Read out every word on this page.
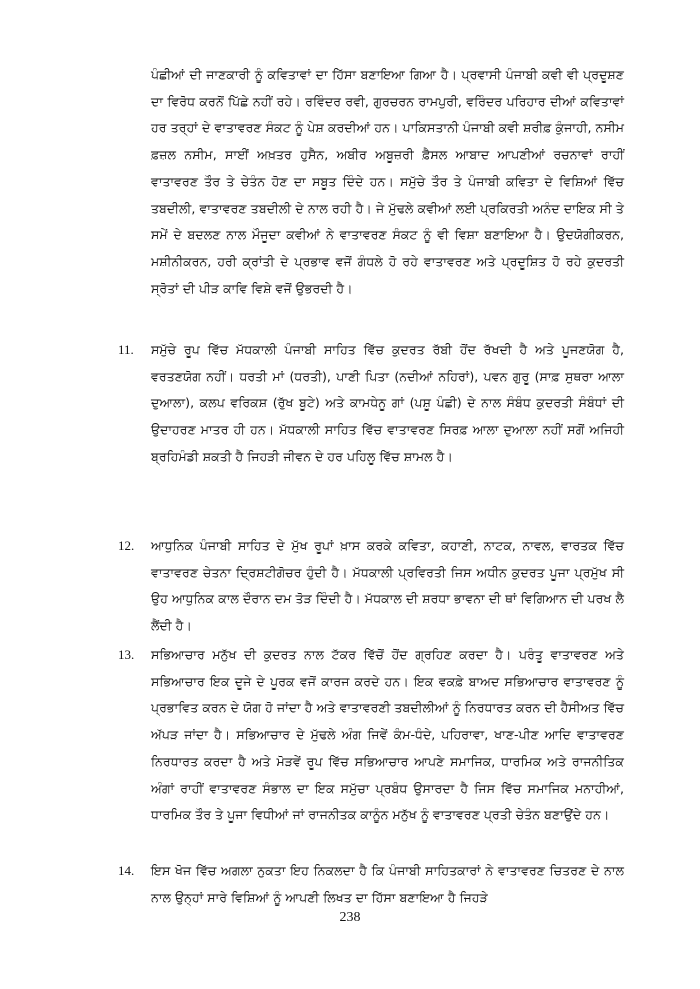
ਪੰਛੀਆਂ ਦੀ ਜਾਣਕਾਰੀ ਨੂੰ ਕਵਿਤਾਵਾਂ ਦਾ ਹਿੱਸਾ ਬਣਾਇਆ ਗਿਆ ਹੈ। ਪ੍ਰਵਾਸੀ ਪੰਜਾਬੀ ਕਵੀ ਵੀ ਪ੍ਰਦੂਸ਼ਣ ਦਾ ਵਿਰੋਧ ਕਰਨੋਂ ਪਿੱਛੇ ਨਹੀਂ ਰਹੇ। ਰਵਿੰਦਰ ਰਵੀ, ਗੁਰਚਰਨ ਰਾਮਪੁਰੀ, ਵਰਿੰਦਰ ਪਰਿਹਾਰ ਦੀਆਂ ਕਵਿਤਾਵਾਂ ਹਰ ਤਰ੍ਹਾਂ ਦੇ ਵਾਤਾਵਰਣ ਸੰਕਟ ਨੂੰ ਪੇਸ਼ ਕਰਦੀਆਂ ਹਨ। ਪਾਕਿਸਤਾਨੀ ਪੰਜਾਬੀ ਕਵੀ ਸ਼ਰੀਫ਼ ਕੁੰਜਾਹੀ, ਨਸੀਮ ਫ਼ਜ਼ਲ ਨਸੀਮ, ਸਾਈਂ ਅਖ਼ਤਰ ਹੁਸੈਨ, ਅਬੀਰ ਅਬੂਜ਼ਰੀ ਫ਼ੈਸਲ ਆਬਾਦ ਆਪਣੀਆਂ ਰਚਨਾਵਾਂ ਰਾਹੀਂ ਵਾਤਾਵਰਣ ਤੌਰ ਤੇ ਚੇਤੰਨ ਹੋਣ ਦਾ ਸਬੂਤ ਦਿੰਦੇ ਹਨ। ਸਮੁੱਚੇ ਤੌਰ ਤੇ ਪੰਜਾਬੀ ਕਵਿਤਾ ਦੇ ਵਿਸ਼ਿਆਂ ਵਿੱਚ ਤਬਦੀਲੀ, ਵਾਤਾਵਰਣ ਤਬਦੀਲੀ ਦੇ ਨਾਲ ਰਹੀ ਹੈ। ਜੇ ਮੁੱਢਲੇ ਕਵੀਆਂ ਲਈ ਪ੍ਰਕਿਰਤੀ ਅਨੰਦ ਦਾਇਕ ਸੀ ਤੇ ਸਮੇਂ ਦੇ ਬਦਲਣ ਨਾਲ ਮੌਜੂਦਾ ਕਵੀਆਂ ਨੇ ਵਾਤਾਵਰਣ ਸੰਕਟ ਨੂੰ ਵੀ ਵਿਸ਼ਾ ਬਣਾਇਆ ਹੈ। ਉਦਯੋਗੀਕਰਨ, ਮਸ਼ੀਨੀਕਰਨ, ਹਰੀ ਕ੍ਰਾਂਤੀ ਦੇ ਪ੍ਰਭਾਵ ਵਜੋਂ ਗੰਧਲੇ ਹੋ ਰਹੇ ਵਾਤਾਵਰਣ ਅਤੇ ਪ੍ਰਦੂਸ਼ਿਤ ਹੋ ਰਹੇ ਕੁਦਰਤੀ ਸ੍ਰੋਤਾਂ ਦੀ ਪੀੜ ਕਾਵਿ ਵਿਸ਼ੇ ਵਜੋਂ ਉਭਰਦੀ ਹੈ।

11.	ਸਮੁੱਚੇ ਰੂਪ ਵਿੱਚ ਮੱਧਕਾਲੀ ਪੰਜਾਬੀ ਸਾਹਿਤ ਵਿੱਚ ਕੁਦਰਤ ਰੱਬੀ ਹੋਂਦ ਰੱਖਦੀ ਹੈ ਅਤੇ ਪੂਜਣਯੋਗ ਹੈ, ਵਰਤਣਯੋਗ ਨਹੀਂ। ਧਰਤੀ ਮਾਂ (ਧਰਤੀ), ਪਾਣੀ ਪਿਤਾ (ਨਦੀਆਂ ਨਹਿਰਾਂ), ਪਵਨ ਗੁਰੂ (ਸਾਫ਼ ਸੁਥਰਾ ਆਲਾ ਦੁਆਲਾ), ਕਲਪ ਵਰਿਕਸ਼ (ਰੁੱਖ ਬੂਟੇ) ਅਤੇ ਕਾਮਧੇਨੂ ਗਾਂ (ਪਸ਼ੂ ਪੰਛੀ) ਦੇ ਨਾਲ ਸੰਬੰਧ ਕੁਦਰਤੀ ਸੰਬੰਧਾਂ ਦੀ ਉਦਾਹਰਣ ਮਾਤਰ ਹੀ ਹਨ। ਮੱਧਕਾਲੀ ਸਾਹਿਤ ਵਿੱਚ ਵਾਤਾਵਰਣ ਸਿਰਫ਼ ਆਲਾ ਦੁਆਲਾ ਨਹੀਂ ਸਗੋਂ ਅਜਿਹੀ ਬ੍ਰਹਿਮੰਡੀ ਸ਼ਕਤੀ ਹੈ ਜਿਹੜੀ ਜੀਵਨ ਦੇ ਹਰ ਪਹਿਲੂ ਵਿੱਚ ਸ਼ਾਮਲ ਹੈ।

12.	ਆਧੁਨਿਕ ਪੰਜਾਬੀ ਸਾਹਿਤ ਦੇ ਮੁੱਖ ਰੂਪਾਂ ਖ਼ਾਸ ਕਰਕੇ ਕਵਿਤਾ, ਕਹਾਣੀ, ਨਾਟਕ, ਨਾਵਲ, ਵਾਰਤਕ ਵਿੱਚ ਵਾਤਾਵਰਣ ਚੇਤਨਾ ਦ੍ਰਿਸ਼ਟੀਗੋਚਰ ਹੁੰਦੀ ਹੈ। ਮੱਧਕਾਲੀ ਪ੍ਰਵਿਰਤੀ ਜਿਸ ਅਧੀਨ ਕੁਦਰਤ ਪੂਜਾ ਪ੍ਰਮੁੱਖ ਸੀ ਉਹ ਆਧੁਨਿਕ ਕਾਲ ਦੌਰਾਨ ਦਮ ਤੋੜ ਦਿੰਦੀ ਹੈ। ਮੱਧਕਾਲ ਦੀ ਸ਼ਰਧਾ ਭਾਵਨਾ ਦੀ ਥਾਂ ਵਿਗਿਆਨ ਦੀ ਪਰਖ ਲੈ ਲੈਂਦੀ ਹੈ।

13.	ਸਭਿਆਚਾਰ ਮਨੁੱਖ ਦੀ ਕੁਦਰਤ ਨਾਲ ਟੱਕਰ ਵਿੱਚੋਂ ਹੋਂਦ ਗ੍ਰਹਿਣ ਕਰਦਾ ਹੈ। ਪਰੰਤੂ ਵਾਤਾਵਰਣ ਅਤੇ ਸਭਿਆਚਾਰ ਇਕ ਦੂਜੇ ਦੇ ਪੂਰਕ ਵਜੋਂ ਕਾਰਜ ਕਰਦੇ ਹਨ। ਇਕ ਵਕਫ਼ੇ ਬਾਅਦ ਸਭਿਆਚਾਰ ਵਾਤਾਵਰਣ ਨੂੰ ਪ੍ਰਭਾਵਿਤ ਕਰਨ ਦੇ ਯੋਗ ਹੋ ਜਾਂਦਾ ਹੈ ਅਤੇ ਵਾਤਾਵਰਣੀ ਤਬਦੀਲੀਆਂ ਨੂੰ ਨਿਰਧਾਰਤ ਕਰਨ ਦੀ ਹੈਸੀਅਤ ਵਿੱਚ ਅੱਪੜ ਜਾਂਦਾ ਹੈ। ਸਭਿਆਚਾਰ ਦੇ ਮੁੱਢਲੇ ਅੰਗ ਜਿਵੇਂ ਕੰਮ-ਧੰਦੇ, ਪਹਿਰਾਵਾ, ਖਾਣ-ਪੀਣ ਆਦਿ ਵਾਤਾਵਰਣ ਨਿਰਧਾਰਤ ਕਰਦਾ ਹੈ ਅਤੇ ਮੋੜਵੇਂ ਰੂਪ ਵਿੱਚ ਸਭਿਆਚਾਰ ਆਪਣੇ ਸਮਾਜਿਕ, ਧਾਰਮਿਕ ਅਤੇ ਰਾਜਨੀਤਿਕ ਅੰਗਾਂ ਰਾਹੀਂ ਵਾਤਾਵਰਣ ਸੰਭਾਲ ਦਾ ਇਕ ਸਮੁੱਚਾ ਪ੍ਰਬੰਧ ਉਸਾਰਦਾ ਹੈ ਜਿਸ ਵਿੱਚ ਸਮਾਜਿਕ ਮਨਾਹੀਆਂ, ਧਾਰਮਿਕ ਤੌਰ ਤੇ ਪੂਜਾ ਵਿਧੀਆਂ ਜਾਂ ਰਾਜਨੀਤਕ ਕਾਨੂੰਨ ਮਨੁੱਖ ਨੂੰ ਵਾਤਾਵਰਣ ਪ੍ਰਤੀ ਚੇਤੰਨ ਬਣਾਉਂਦੇ ਹਨ।

14.	ਇਸ ਖੋਜ ਵਿੱਚ ਅਗਲਾ ਨੁਕਤਾ ਇਹ ਨਿਕਲਦਾ ਹੈ ਕਿ ਪੰਜਾਬੀ ਸਾਹਿਤਕਾਰਾਂ ਨੇ ਵਾਤਾਵਰਣ ਚਿਤਰਣ ਦੇ ਨਾਲ ਨਾਲ ਉਨ੍ਹਾਂ ਸਾਰੇ ਵਿਸ਼ਿਆਂ ਨੂੰ ਆਪਣੀ ਲਿਖਤ ਦਾ ਹਿੱਸਾ ਬਣਾਇਆ ਹੈ ਜਿਹੜੇ

238
